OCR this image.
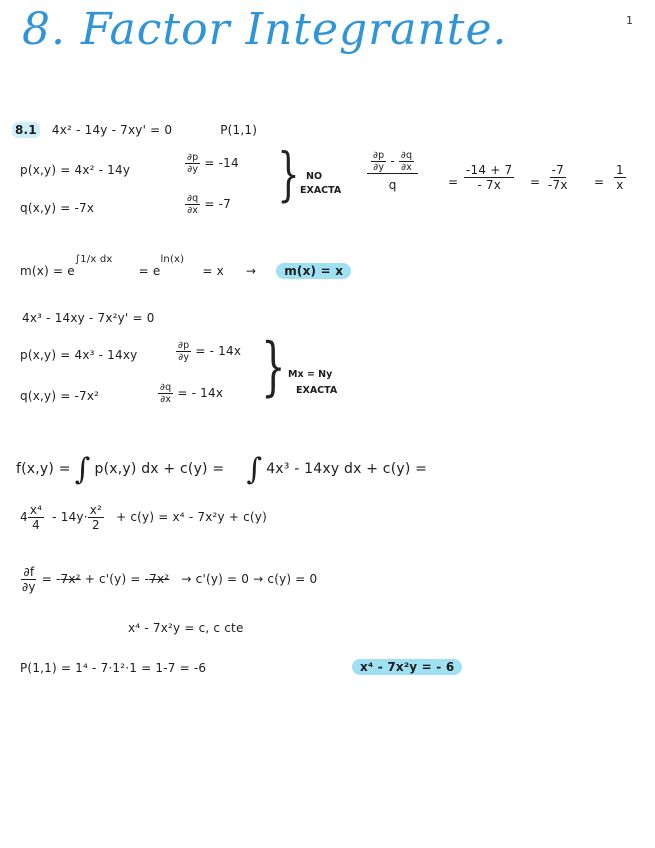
8. Factor Integrante.	1
8.1 4x² - 14y - 7xy' = 0	P(1,1)
p(x,y) = 4x² - 14y
q(x,y) = -7x
$\frac{\partial p}{\partial y} = -14$
$\frac{\partial q}{\partial x} = -7$ } NO
EXACTA	$\frac{\frac{\partial p}{\partial y} - \frac{\partial q}{\partial x}}{q} = \frac{-14 + 7}{- 7x} = \frac{-7}{-7x} = \frac{1}{x}$
$m(x) = e^{\int 1/x dx} = e^{ln(x)} = x \to m(x) = x$
4x³ - 14xy - 7x²y' = 0
p(x,y) = 4x³ - 14xy
q(x,y) = -7x²
$\frac{\partial p}{\partial y}$ = - 14x
$\frac{\partial q}{\partial x}$ = - 14x } Mx = Ny
EXACTA
f(x,y) = ∫ p(x,y) dx + c(y) = ∫ 4x³ - 14xy dx + c(y) =
$4 \frac{\text{x⁴}}{4} - 14y\cdot \frac{\text{x²}}{2} + c(y) = x^4 - 7x^2y + c(y)$
$\frac{\partial f}{\partial y} = -7x^2 + c'(y) = -7x^2 \to c'(y) = 0 \to c(y) = 0$
x⁴ - 7x²y = c, c cte
P(1,1) = 1⁴ - 7·1²·1 = 1-7 = -6	x⁴ - 7x²y = - 6
